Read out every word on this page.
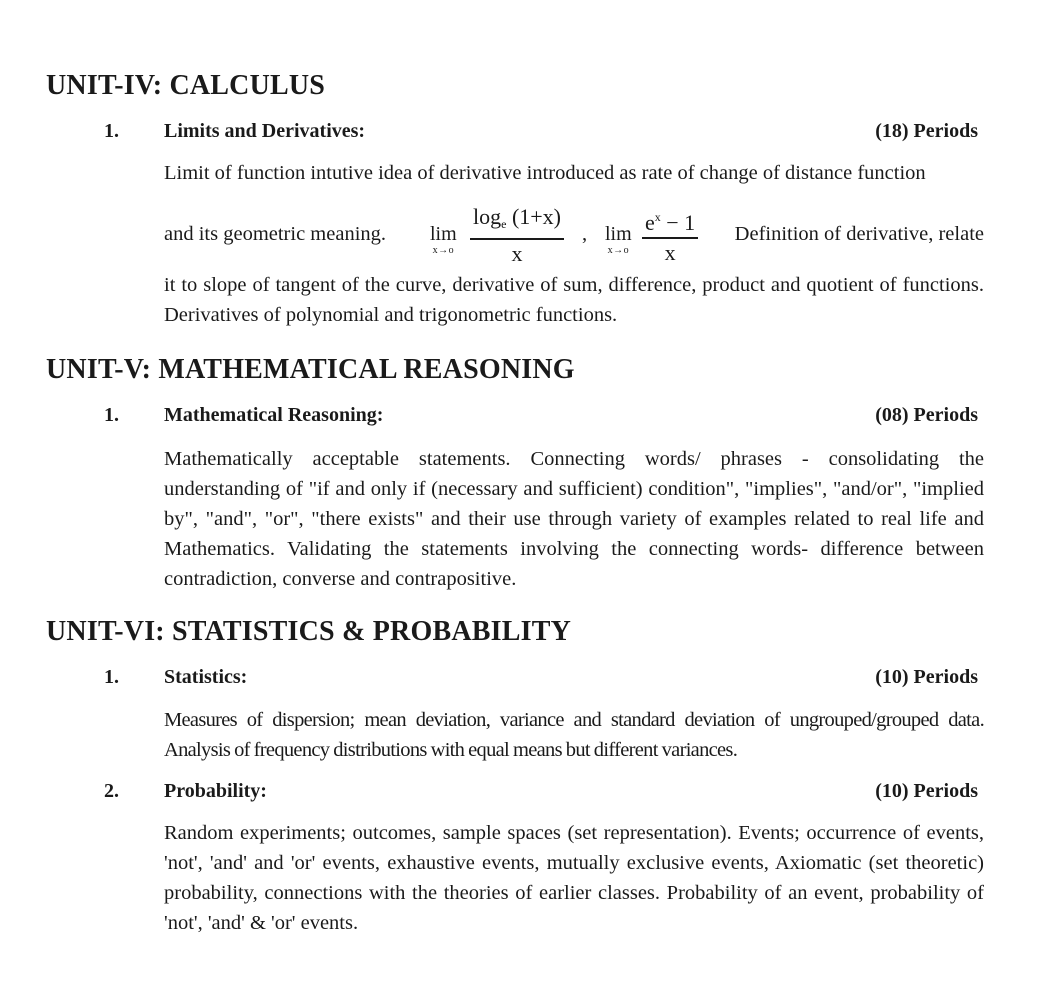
UNIT-IV: CALCULUS
1. Limits and Derivatives:	(18) Periods

Limit of function intutive idea of derivative introduced as rate of change of distance function

and its geometric meaning. lim
x→o
$\log_e (1+x)$
x
, lim
x→o
$e^x - 1$
x
Definition of derivative, relate

it to slope of tangent of the curve, derivative of sum, difference, product and quotient of functions. Derivatives of polynomial and trigonometric functions.

UNIT-V: MATHEMATICAL REASONING
1. Mathematical Reasoning:	(08) Periods

Mathematically acceptable statements. Connecting words/ phrases - consolidating the understanding of "if and only if (necessary and sufficient) condition", "implies", "and/or", "implied by", "and", "or", "there exists" and their use through variety of examples related to real life and Mathematics. Validating the statements involving the connecting words- difference between contradiction, converse and contrapositive.

UNIT-VI: STATISTICS & PROBABILITY
1. Statistics:	(10) Periods

Measures of dispersion; mean deviation, variance and standard deviation of ungrouped/grouped data. Analysis of frequency distributions with equal means but different variances.

2. Probability:	(10) Periods

Random experiments; outcomes, sample spaces (set representation). Events; occurrence of events, 'not', 'and' and 'or' events, exhaustive events, mutually exclusive events, Axiomatic (set theoretic) probability, connections with the theories of earlier classes. Probability of an event, probability of 'not', 'and' & 'or' events.
